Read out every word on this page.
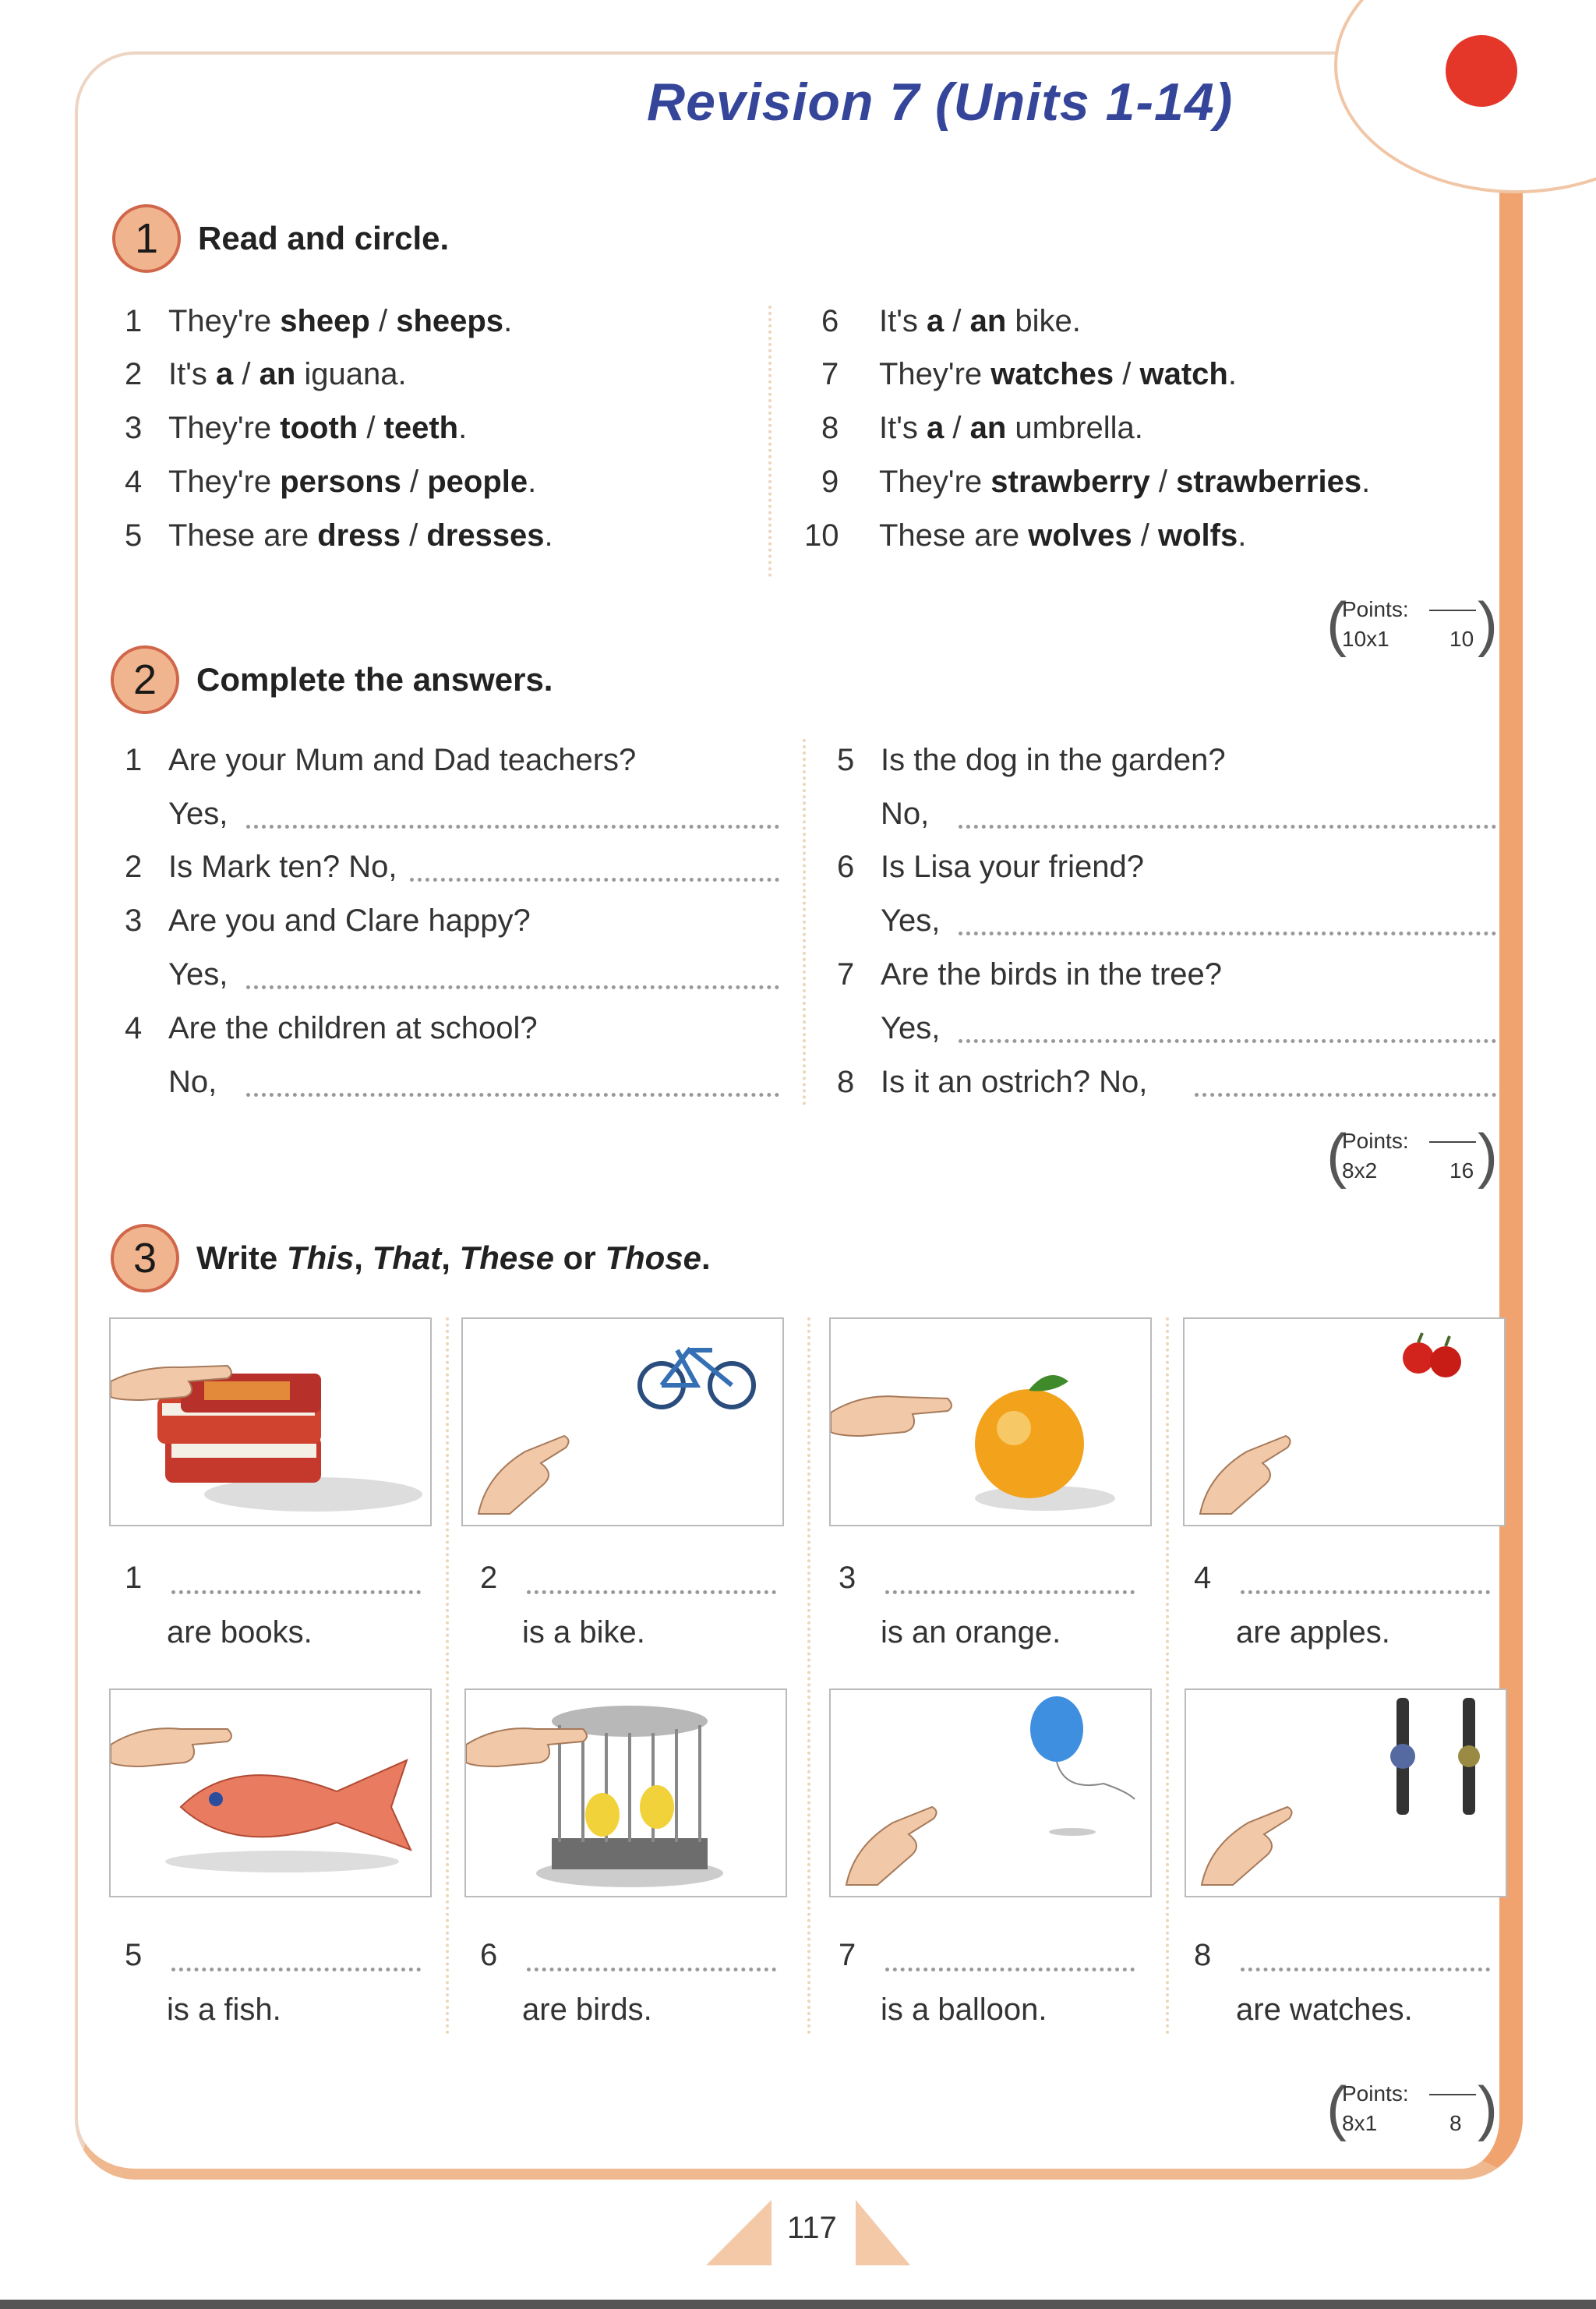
Revision 7 (Units 1-14)
1	Read and circle.
1 They're sheep / sheeps.
2 It's a / an iguana.
3 They're tooth / teeth.
4 They're persons / people.
5 These are dress / dresses.
6 It's a / an bike.
7 They're watches / watch.
8 It's a / an umbrella.
9 They're strawberry / strawberries.
10 These are wolves / wolfs.
( )
Points:
10x1	10
2	Complete the answers.
1 Are your Mum and Dad teachers?
Yes,
2 Is Mark ten? No,
3 Are you and Clare happy?
Yes,
4 Are the children at school?
No,
5 Is the dog in the garden?
No,
6 Is Lisa your friend?
Yes,
7 Are the birds in the tree?
Yes,
8 Is it an ostrich? No,
( )
Points:
8x2	16
3	Write This, That, These or Those.
1
are books.
2
is a bike.
3
is an orange.
4
are apples.
5
is a fish.
6
are birds.
7
is a balloon.
8
are watches.
( )
Points:
8x1	8
117
